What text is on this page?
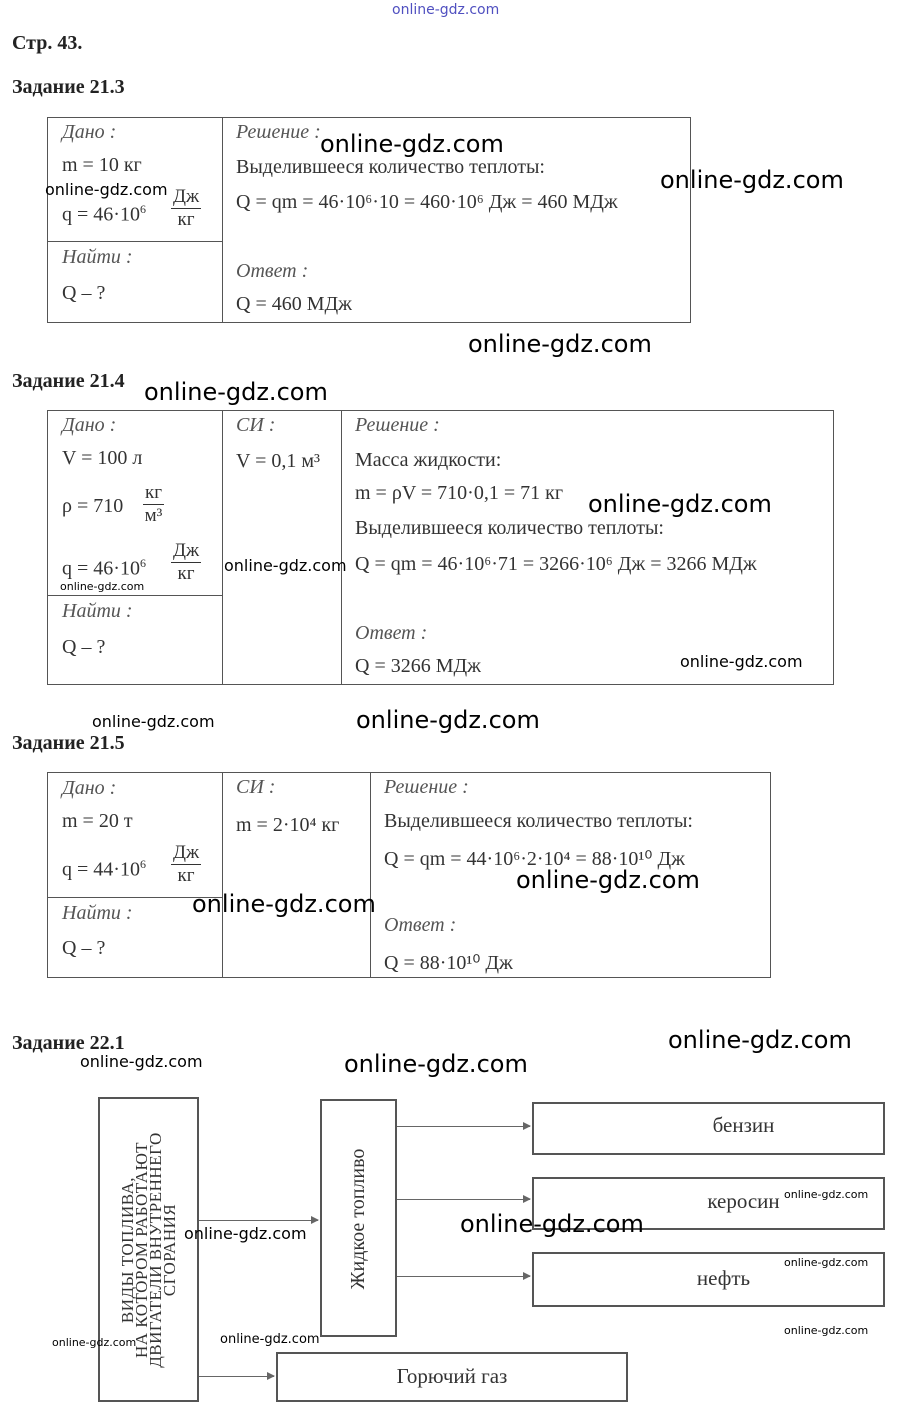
online-gdz.com
Стр. 43.
Задание 21.3
Дано :
m = 10 кг
$q = 46\cdot 10^6$
Дж
кг
Найти :
Q – ?
Решение :
Выделившееся количество теплоты:
Q = qm = 46·10⁶·10 = 460·10⁶ Дж = 460 МДж
Ответ :
Q = 460 МДж
Задание 21.4
Дано :
V = 100 л
ρ = 710
кг
м³
$q = 46\cdot 10^6$
Дж
кг
Найти :
Q – ?
СИ :
V = 0,1 м³
Решение :
Масса жидкости:
m = ρV = 710·0,1 = 71 кг
Выделившееся количество теплоты:
Q = qm = 46·10⁶·71 = 3266·10⁶ Дж = 3266 МДж
Ответ :
Q = 3266 МДж
Задание 21.5
Дано :
m = 20 т
$q = 44\cdot 10^6$
Дж
кг
Найти :
Q – ?
СИ :
m = 2·10⁴ кг
Решение :
Выделившееся количество теплоты:
Q = qm = 44·10⁶·2·10⁴ = 88·10¹⁰ Дж
Ответ :
Q = 88·10¹⁰ Дж
Задание 22.1
ВИДЫ ТОПЛИВА,
НА КОТОРОМ РАБОТАЮТ
ДВИГАТЕЛИ ВНУТРЕННЕГО
СГОРАНИЯ	Жидкое топливо
бензин
керосин
нефть
Горючий газ
online-gdz.com
online-gdz.com
online-gdz.com
online-gdz.com
online-gdz.com
online-gdz.com
online-gdz.com
online-gdz.com
online-gdz.com
online-gdz.com	online-gdz.com
online-gdz.com
online-gdz.com
online-gdz.com
online-gdz.com	online-gdz.com
online-gdz.com
online-gdz.com
online-gdz.com
online-gdz.com
online-gdz.com
online-gdz.com	online-gdz.com
